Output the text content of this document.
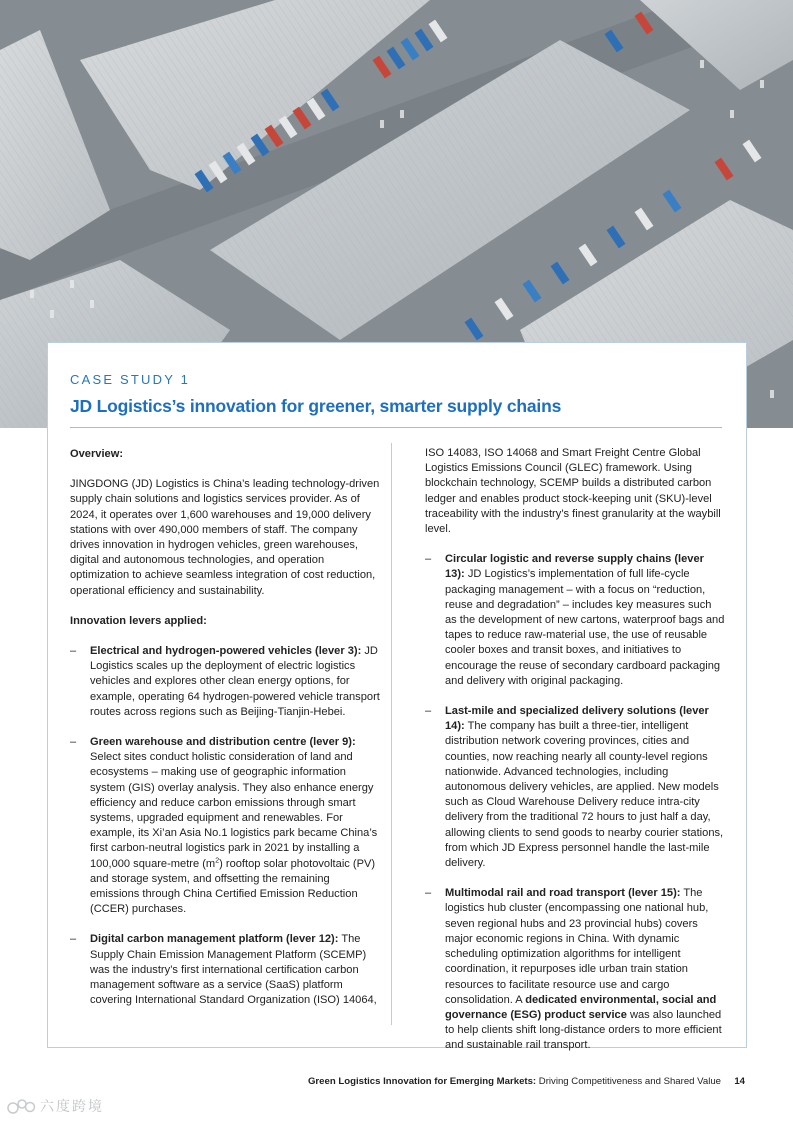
CASE STUDY 1

JD Logistics’s innovation for greener, smarter supply chains

Overview:

JINGDONG (JD) Logistics is China’s leading technology-driven supply chain solutions and logistics services provider. As of 2024, it operates over 1,600 warehouses and 19,000 delivery stations with over 490,000 members of staff. The company drives innovation in hydrogen vehicles, green warehouses, digital and autonomous technologies, and operation optimization to achieve seamless integration of cost reduction, operational efficiency and sustainability.

Innovation levers applied:

– Electrical and hydrogen-powered vehicles (lever 3): JD Logistics scales up the deployment of electric logistics vehicles and explores other clean energy options, for example, operating 64 hydrogen-powered vehicle transport routes across regions such as Beijing-Tianjin-Hebei.

– Green warehouse and distribution centre (lever 9): Select sites conduct holistic consideration of land and ecosystems – making use of geographic information system (GIS) overlay analysis. They also enhance energy efficiency and reduce carbon emissions through smart systems, upgraded equipment and renewables. For example, its Xi’an Asia No.1 logistics park became China’s first carbon-neutral logistics park in 2021 by installing a 100,000 square-metre $(m^2)$ rooftop solar photovoltaic (PV) and storage system, and offsetting the remaining emissions through China Certified Emission Reduction (CCER) purchases.

– Digital carbon management platform (lever 12): The Supply Chain Emission Management Platform (SCEMP) was the industry’s first international certification carbon management software as a service (SaaS) platform covering International Standard Organization (ISO) 14064,

ISO 14083, ISO 14068 and Smart Freight Centre Global Logistics Emissions Council (GLEC) framework. Using blockchain technology, SCEMP builds a distributed carbon ledger and enables product stock-keeping unit (SKU)-level traceability with the industry’s finest granularity at the waybill level.

– Circular logistic and reverse supply chains (lever 13): JD Logistics’s implementation of full life-cycle packaging management – with a focus on “reduction, reuse and degradation” – includes key measures such as the development of new cartons, waterproof bags and tapes to reduce raw-material use, the use of reusable cooler boxes and transit boxes, and initiatives to encourage the reuse of secondary cardboard packaging and delivery with original packaging.

– Last-mile and specialized delivery solutions (lever 14): The company has built a three-tier, intelligent distribution network covering provinces, cities and counties, now reaching nearly all county-level regions nationwide. Advanced technologies, including autonomous delivery vehicles, are applied. New models such as Cloud Warehouse Delivery reduce intra-city delivery from the traditional 72 hours to just half a day, allowing clients to send goods to nearby courier stations, from which JD Express personnel handle the last-mile delivery.

– Multimodal rail and road transport (lever 15): The logistics hub cluster (encompassing one national hub, seven regional hubs and 23 provincial hubs) covers major economic regions in China. With dynamic scheduling optimization algorithms for intelligent coordination, it repurposes idle urban train station resources to facilitate resource use and cargo consolidation. A dedicated environmental, social and governance (ESG) product service was also launched to help clients shift long-distance orders to more efficient and sustainable rail transport.

Green Logistics Innovation for Emerging Markets: Driving Competitiveness and Shared Value 14
六度跨境
